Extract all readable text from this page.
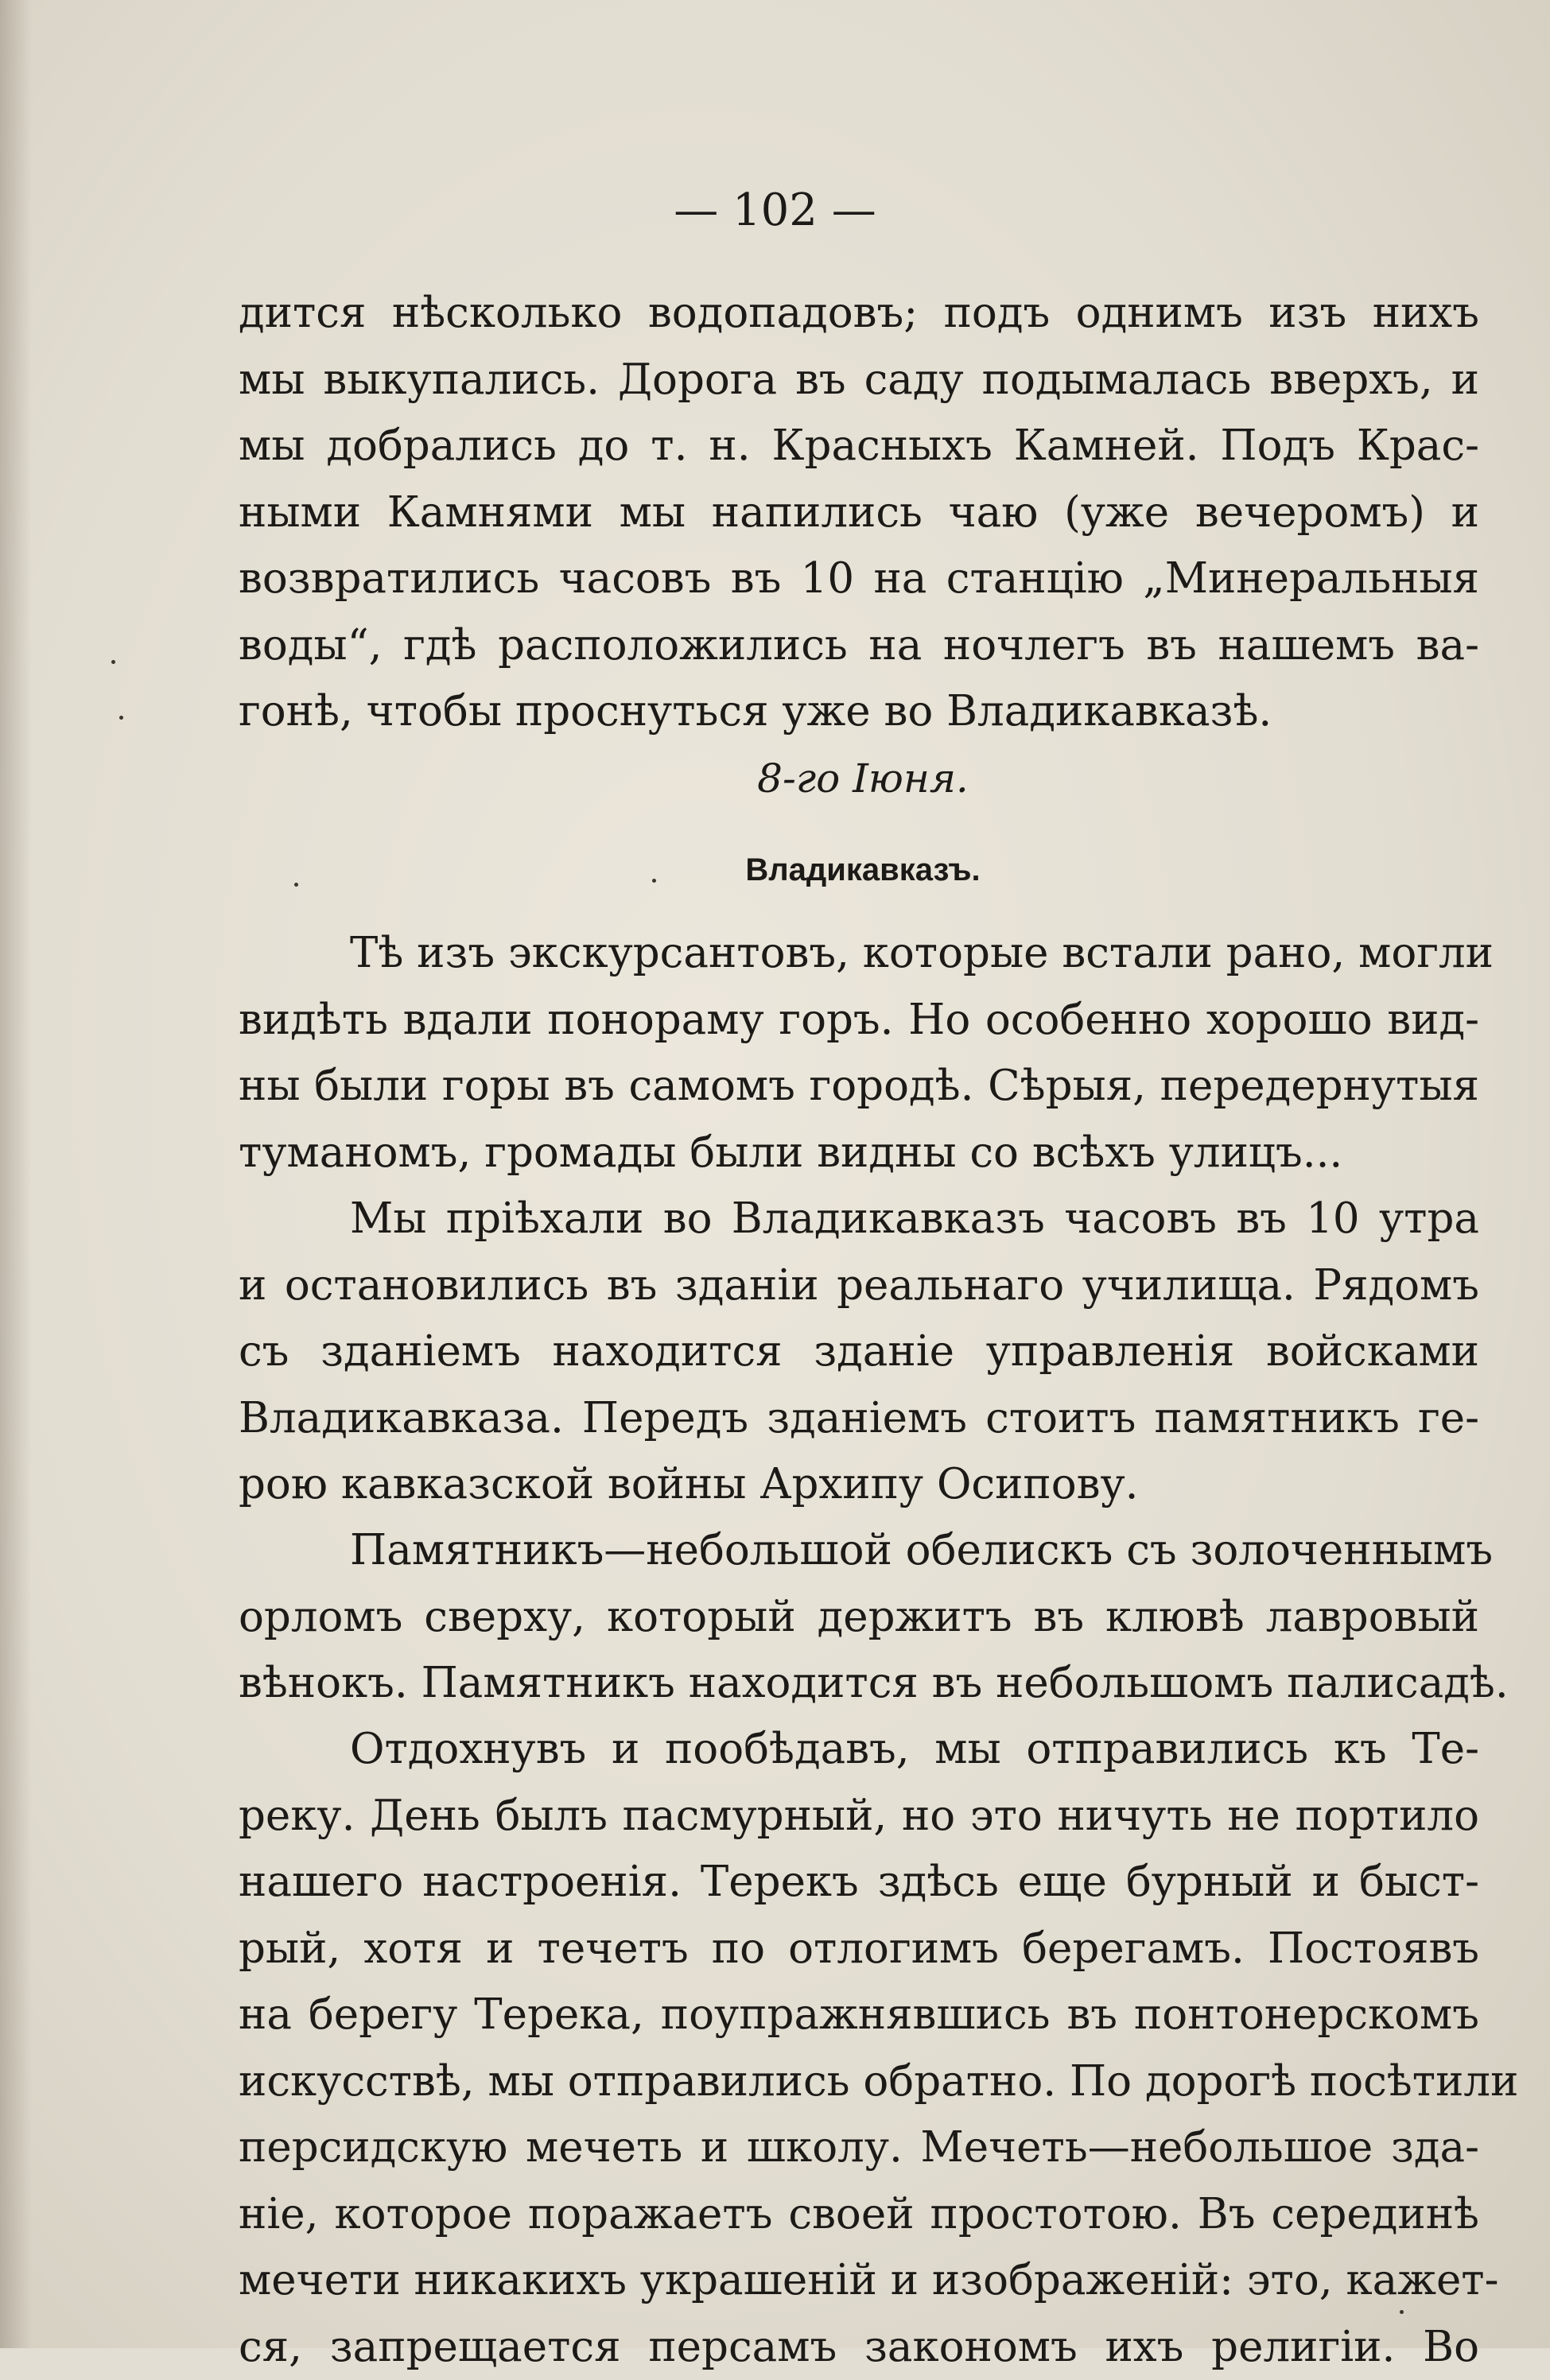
— 102 —
дится нѣсколько водопадовъ; подъ однимъ изъ нихъ
мы выкупались. Дорога въ саду подымалась вверхъ, и
мы добрались до т. н. Красныхъ Камней. Подъ Крас-
ными Камнями мы напились чаю (уже вечеромъ) и
возвратились часовъ въ 10 на станцію „Минеральныя
воды“, гдѣ расположились на ночлегъ въ нашемъ ва-
гонѣ, чтобы проснуться уже во Владикавказѣ.
8-го Іюня.
Владикавказъ.
Тѣ изъ экскурсантовъ, которые встали рано, могли
видѣть вдали понораму горъ. Но особенно хорошо вид-
ны были горы въ самомъ городѣ. Сѣрыя, передернутыя
туманомъ, громады были видны со всѣхъ улицъ...
Мы пріѣхали во Владикавказъ часовъ въ 10 утра
и остановились въ зданіи реальнаго училища. Рядомъ
съ зданіемъ находится зданіе управленія войсками
Владикавказа. Передъ зданіемъ стоитъ памятникъ ге-
рою кавказской войны Архипу Осипову.
Памятникъ—небольшой обелискъ съ золоченнымъ
орломъ сверху, который держитъ въ клювѣ лавровый
вѣнокъ. Памятникъ находится въ небольшомъ палисадѣ.
Отдохнувъ и пообѣдавъ, мы отправились къ Те-
реку. День былъ пасмурный, но это ничуть не портило
нашего настроенія. Терекъ здѣсь еще бурный и быст-
рый, хотя и течетъ по отлогимъ берегамъ. Постоявъ
на берегу Терека, поупражнявшись въ понтонерскомъ
искусствѣ, мы отправились обратно. По дорогѣ посѣтили
персидскую мечеть и школу. Мечеть—небольшое зда-
ніе, которое поражаетъ своей простотою. Въ серединѣ
мечети никакихъ украшеній и изображеній: это, кажет-
ся, запрещается персамъ закономъ ихъ религіи. Во
